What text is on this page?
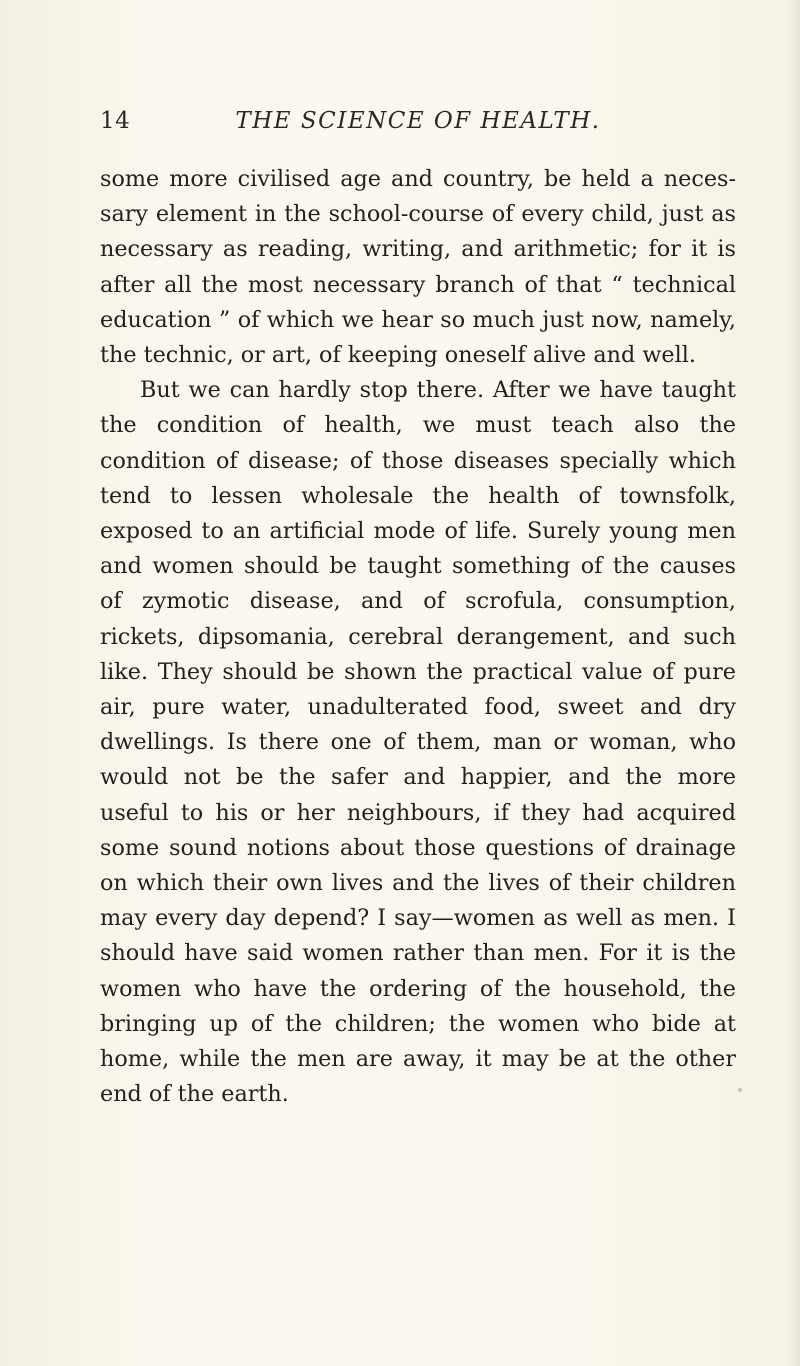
14	THE SCIENCE OF HEALTH.

some more civilised age and country, be held a neces-sary element in the school-course of every child, just as necessary as reading, writing, and arithmetic; for it is after all the most necessary branch of that “ technical education ” of which we hear so much just now, namely, the technic, or art, of keeping oneself alive and well.

But we can hardly stop there. After we have taught the condition of health, we must teach also the condition of disease; of those diseases specially which tend to lessen wholesale the health of townsfolk, exposed to an artificial mode of life. Surely young men and women should be taught something of the causes of zymotic disease, and of scrofula, consumption, rickets, dipsomania, cerebral derangement, and such like. They should be shown the practical value of pure air, pure water, unadulterated food, sweet and dry dwellings. Is there one of them, man or woman, who would not be the safer and happier, and the more useful to his or her neighbours, if they had acquired some sound notions about those questions of drainage on which their own lives and the lives of their children may every day depend? I say—women as well as men. I should have said women rather than men. For it is the women who have the ordering of the household, the bringing up of the children; the women who bide at home, while the men are away, it may be at the other end of the earth.
